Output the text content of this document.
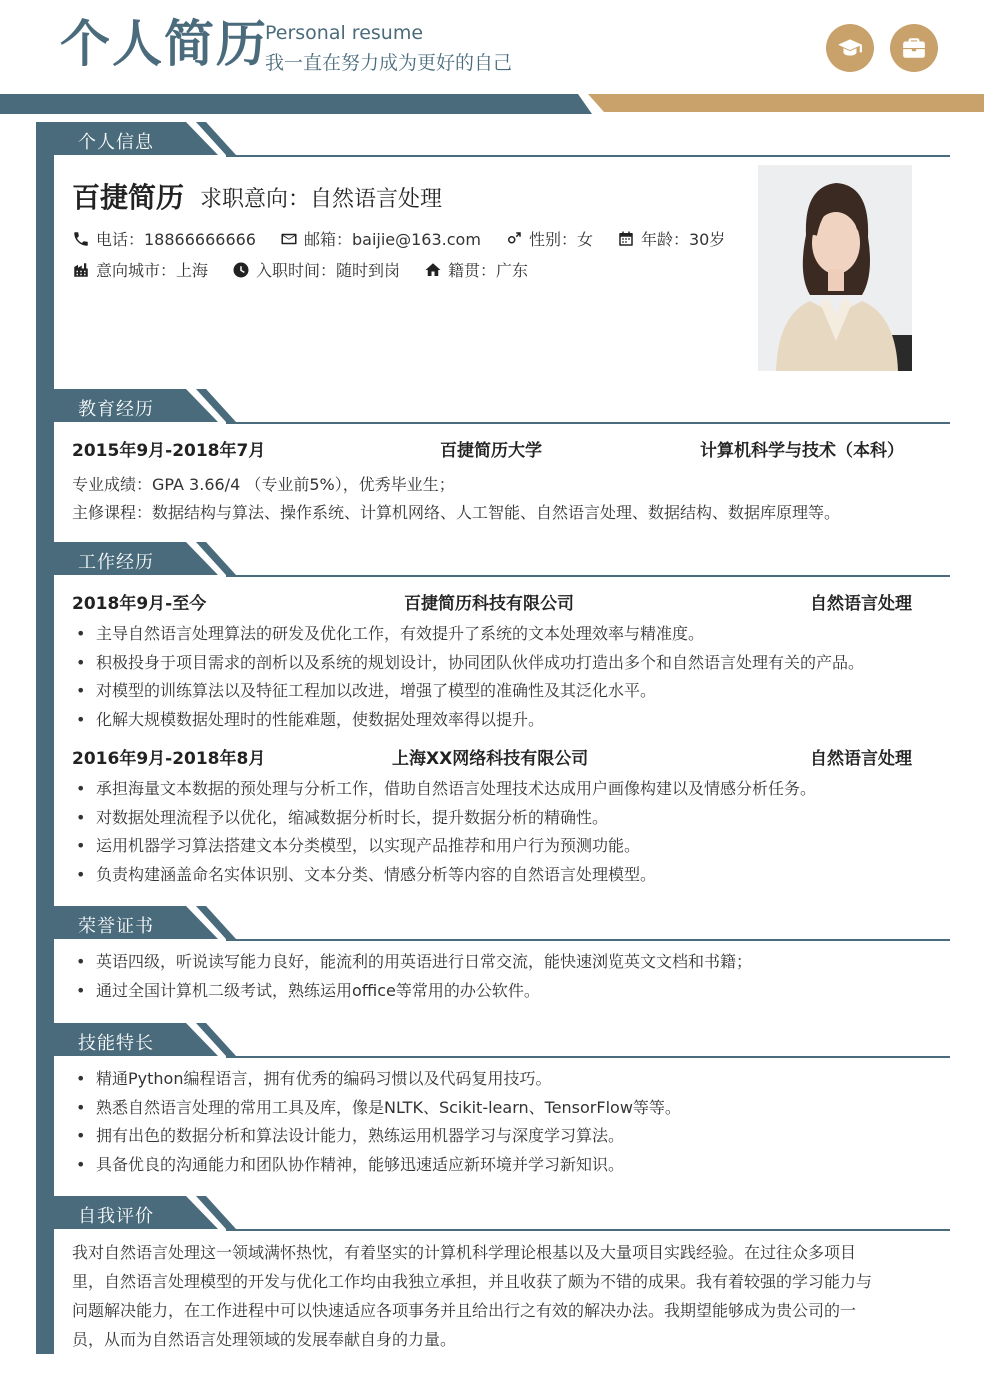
个人简历
Personal resume
我一直在努力成为更好的自己
个人信息
百捷简历 求职意向：自然语言处理
电话：18866666666	邮箱：baijie@163.com	性别：女	年龄：30岁
意向城市：上海	入职时间：随时到岗	籍贯：广东
教育经历
2015年9月-2018年7月	百捷简历大学	计算机科学与技术（本科）
专业成绩：GPA 3.66/4 （专业前5%），优秀毕业生；
主修课程：数据结构与算法、操作系统、计算机网络、人工智能、自然语言处理、数据结构、数据库原理等。
工作经历
2018年9月-至今	百捷简历科技有限公司	自然语言处理
• 主导自然语言处理算法的研发及优化工作，有效提升了系统的文本处理效率与精准度。
• 积极投身于项目需求的剖析以及系统的规划设计，协同团队伙伴成功打造出多个和自然语言处理有关的产品。
• 对模型的训练算法以及特征工程加以改进，增强了模型的准确性及其泛化水平。
• 化解大规模数据处理时的性能难题，使数据处理效率得以提升。
2016年9月-2018年8月	上海XX网络科技有限公司	自然语言处理
• 承担海量文本数据的预处理与分析工作，借助自然语言处理技术达成用户画像构建以及情感分析任务。
• 对数据处理流程予以优化，缩减数据分析时长，提升数据分析的精确性。
• 运用机器学习算法搭建文本分类模型，以实现产品推荐和用户行为预测功能。
• 负责构建涵盖命名实体识别、文本分类、情感分析等内容的自然语言处理模型。
荣誉证书
• 英语四级，听说读写能力良好，能流利的用英语进行日常交流，能快速浏览英文文档和书籍；
• 通过全国计算机二级考试，熟练运用office等常用的办公软件。
技能特长
• 精通Python编程语言，拥有优秀的编码习惯以及代码复用技巧。
• 熟悉自然语言处理的常用工具及库，像是NLTK、Scikit-learn、TensorFlow等等。
• 拥有出色的数据分析和算法设计能力，熟练运用机器学习与深度学习算法。
• 具备优良的沟通能力和团队协作精神，能够迅速适应新环境并学习新知识。
自我评价
我对自然语言处理这一领域满怀热忱，有着坚实的计算机科学理论根基以及大量项目实践经验。在过往众多项目
里，自然语言处理模型的开发与优化工作均由我独立承担，并且收获了颇为不错的成果。我有着较强的学习能力与
问题解决能力，在工作进程中可以快速适应各项事务并且给出行之有效的解决办法。我期望能够成为贵公司的一
员，从而为自然语言处理领域的发展奉献自身的力量。
